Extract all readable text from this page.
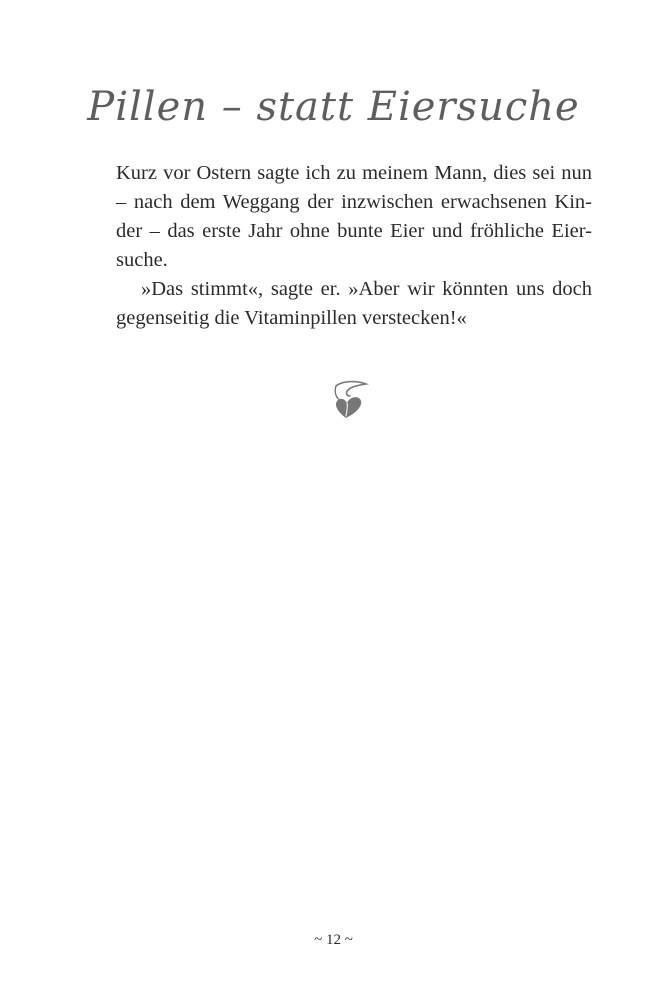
Pillen – statt Eiersuche
Kurz vor Ostern sagte ich zu meinem Mann, dies sei nun
– nach dem Weggang der inzwischen erwachsenen Kin-
der – das erste Jahr ohne bunte Eier und fröhliche Eier-
suche.
»Das stimmt«, sagte er. »Aber wir könnten uns doch
gegenseitig die Vitaminpillen verstecken!«
~ 12 ~
